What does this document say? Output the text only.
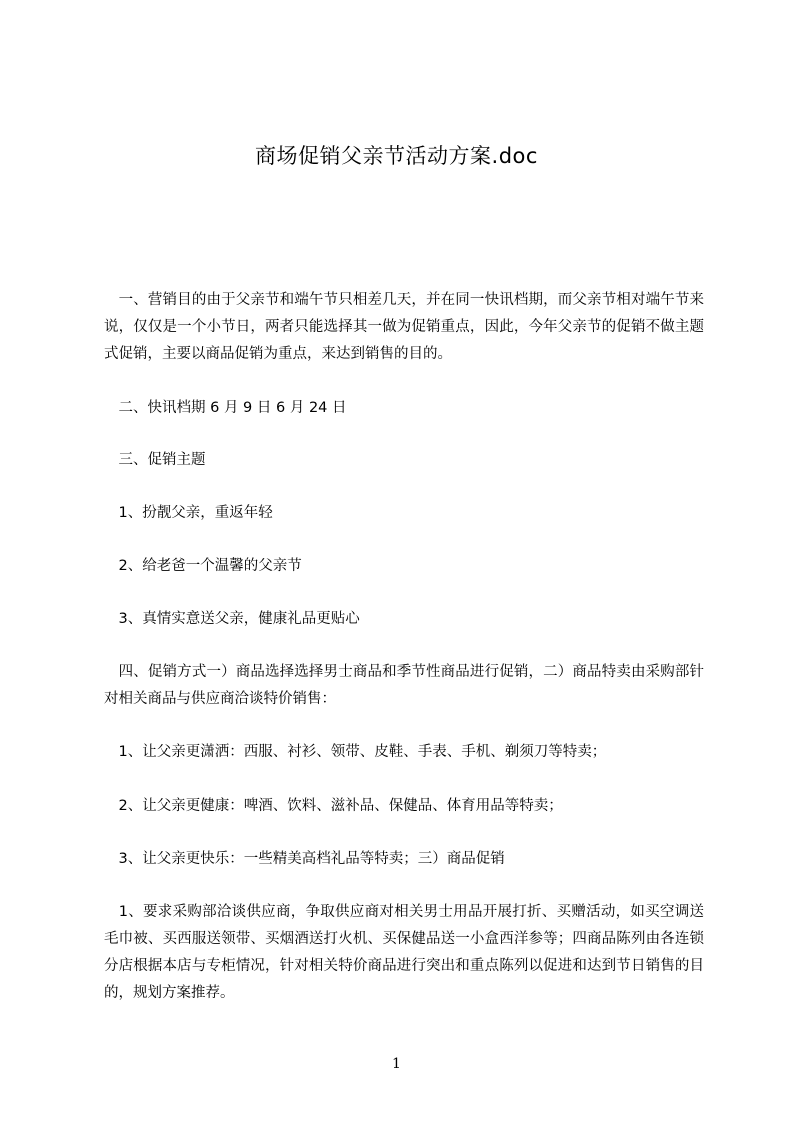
商场促销父亲节活动方案.doc

　一、营销目的由于父亲节和端午节只相差几天，并在同一快讯档期，而父亲节相对端午节来说，仅仅是一个小节日，两者只能选择其一做为促销重点，因此，今年父亲节的促销不做主题式促销，主要以商品促销为重点，来达到销售的目的。

　二、快讯档期 6 月 9 日 6 月 24 日

　三、促销主题

　1、扮靓父亲，重返年轻

　2、给老爸一个温馨的父亲节

　3、真情实意送父亲，健康礼品更贴心

　四、促销方式一）商品选择选择男士商品和季节性商品进行促销，二）商品特卖由采购部针对相关商品与供应商洽谈特价销售：

　1、让父亲更潇洒：西服、衬衫、领带、皮鞋、手表、手机、剃须刀等特卖；

　2、让父亲更健康：啤酒、饮料、滋补品、保健品、体育用品等特卖；

　3、让父亲更快乐：一些精美高档礼品等特卖；三）商品促销

　1、要求采购部洽谈供应商，争取供应商对相关男士用品开展打折、买赠活动，如买空调送毛巾被、买西服送领带、买烟酒送打火机、买保健品送一小盒西洋参等；四商品陈列由各连锁分店根据本店与专柜情况，针对相关特价商品进行突出和重点陈列以促进和达到节日销售的目的，规划方案推荐。

1
